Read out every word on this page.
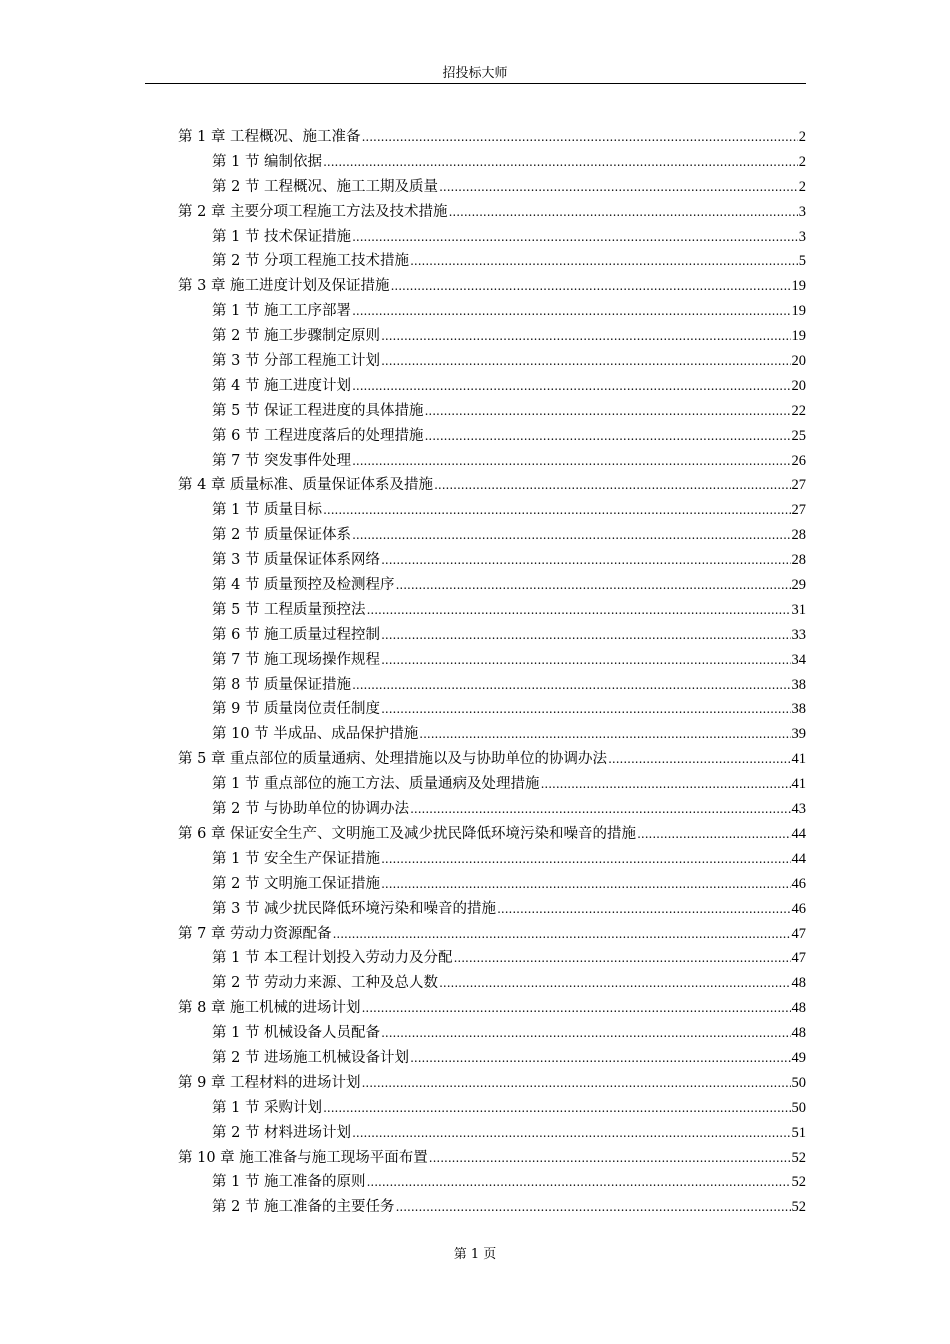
招投标大师
第 1 章 工程概况、施工准备 .....	2
第 1 节 编制依据 .....	2
第 2 节 工程概况、施工工期及质量 .....	2
第 2 章 主要分项工程施工方法及技术措施 .....	3
第 1 节 技术保证措施 .....	3
第 2 节 分项工程施工技术措施 .....	5
第 3 章 施工进度计划及保证措施 .....	19
第 1 节 施工工序部署 .....	19
第 2 节 施工步骤制定原则 .....	19
第 3 节 分部工程施工计划 .....	20
第 4 节 施工进度计划 .....	20
第 5 节 保证工程进度的具体措施 .....	22
第 6 节 工程进度落后的处理措施 .....	25
第 7 节 突发事件处理 .....	26
第 4 章 质量标准、质量保证体系及措施 .....	27
第 1 节 质量目标 .....	27
第 2 节 质量保证体系 .....	28
第 3 节 质量保证体系网络 .....	28
第 4 节 质量预控及检测程序 .....	29
第 5 节 工程质量预控法 .....	31
第 6 节 施工质量过程控制 .....	33
第 7 节 施工现场操作规程 .....	34
第 8 节 质量保证措施 .....	38
第 9 节 质量岗位责任制度 .....	38
第 10 节 半成品、成品保护措施 .....	39
第 5 章 重点部位的质量通病、处理措施以及与协助单位的协调办法 .....	41
第 1 节 重点部位的施工方法、质量通病及处理措施 .....	41
第 2 节 与协助单位的协调办法 .....	43
第 6 章 保证安全生产、文明施工及减少扰民降低环境污染和噪音的措施 .....	44
第 1 节 安全生产保证措施 .....	44
第 2 节 文明施工保证措施 .....	46
第 3 节 减少扰民降低环境污染和噪音的措施 .....	46
第 7 章 劳动力资源配备 .....	47
第 1 节 本工程计划投入劳动力及分配 .....	47
第 2 节 劳动力来源、工种及总人数 .....	48
第 8 章 施工机械的进场计划 .....	48
第 1 节 机械设备人员配备 .....	48
第 2 节 进场施工机械设备计划 .....	49
第 9 章 工程材料的进场计划 .....	50
第 1 节 采购计划 .....	50
第 2 节 材料进场计划 .....	51
第 10 章 施工准备与施工现场平面布置 .....	52
第 1 节 施工准备的原则 .....	52
第 2 节 施工准备的主要任务 .....	52
第 1 页
